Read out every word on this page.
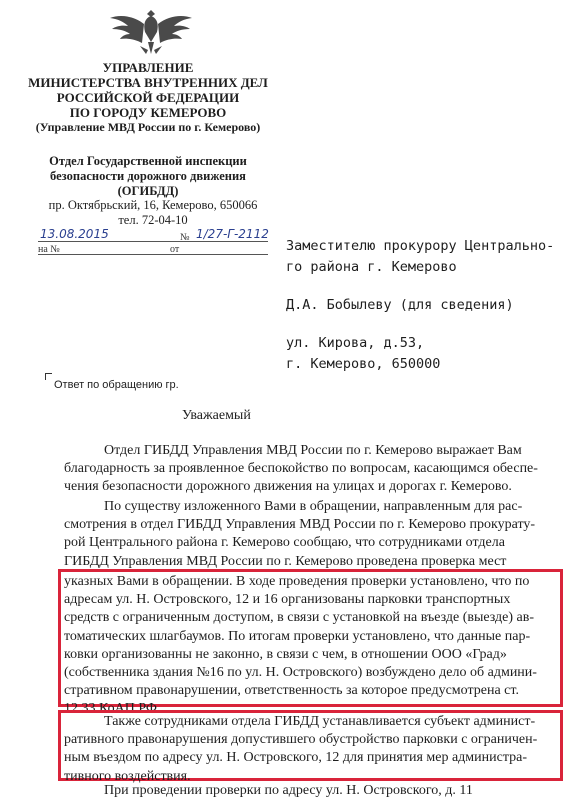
УПРАВЛЕНИЕ
МИНИСТЕРСТВА ВНУТРЕННИХ ДЕЛ
РОССИЙСКОЙ ФЕДЕРАЦИИ
ПО ГОРОДУ КЕМЕРОВО
(Управление МВД России по г. Кемерово)
Отдел Государственной инспекции
безопасности дорожного движения
(ОГИБДД)
пр. Октябрьский, 16, Кемерово, 650066
тел. 72-04-10
13.08.2015	№ 1/27-Г-2112
на №	от	Заместителю прокурору Центрально-
го района г. Кемерово
Д.А. Бобылеву (для сведения)
ул. Кирова, д.53,
г. Кемерово, 650000
Ответ по обращению гр.
Уважаемый
Отдел ГИБДД Управления МВД России по г. Кемерово выражает Вам
благодарность за проявленное беспокойство по вопросам, касающимся обеспе-
чения безопасности дорожного движения на улицах и дорогах г. Кемерово.
По существу изложенного Вами в обращении, направленным для рас-
смотрения в отдел ГИБДД Управления МВД России по г. Кемерово прокурату-
рой Центрального района г. Кемерово сообщаю, что сотрудниками отдела
ГИБДД Управления МВД России по г. Кемерово проведена проверка мест
указных Вами в обращении. В ходе проведения проверки установлено, что по
адресам ул. Н. Островского, 12 и 16 организованы парковки транспортных
средств с ограниченным доступом, в связи с установкой на въезде (выезде) ав-
томатических шлагбаумов. По итогам проверки установлено, что данные пар-
ковки организованны не законно, в связи с чем, в отношении ООО «Град»
(собственника здания №16 по ул. Н. Островского) возбуждено дело об админи-
стративном правонарушении, ответственность за которое предусмотрена ст.
12.33 КоАП РФ.
Также сотрудниками отдела ГИБДД устанавливается субъект админист-
ративного правонарушения допустившего обустройство парковки с ограничен-
ным въездом по адресу ул. Н. Островского, 12 для принятия мер администра-
тивного воздействия.
При проведении проверки по адресу ул. Н. Островского, д. 11
